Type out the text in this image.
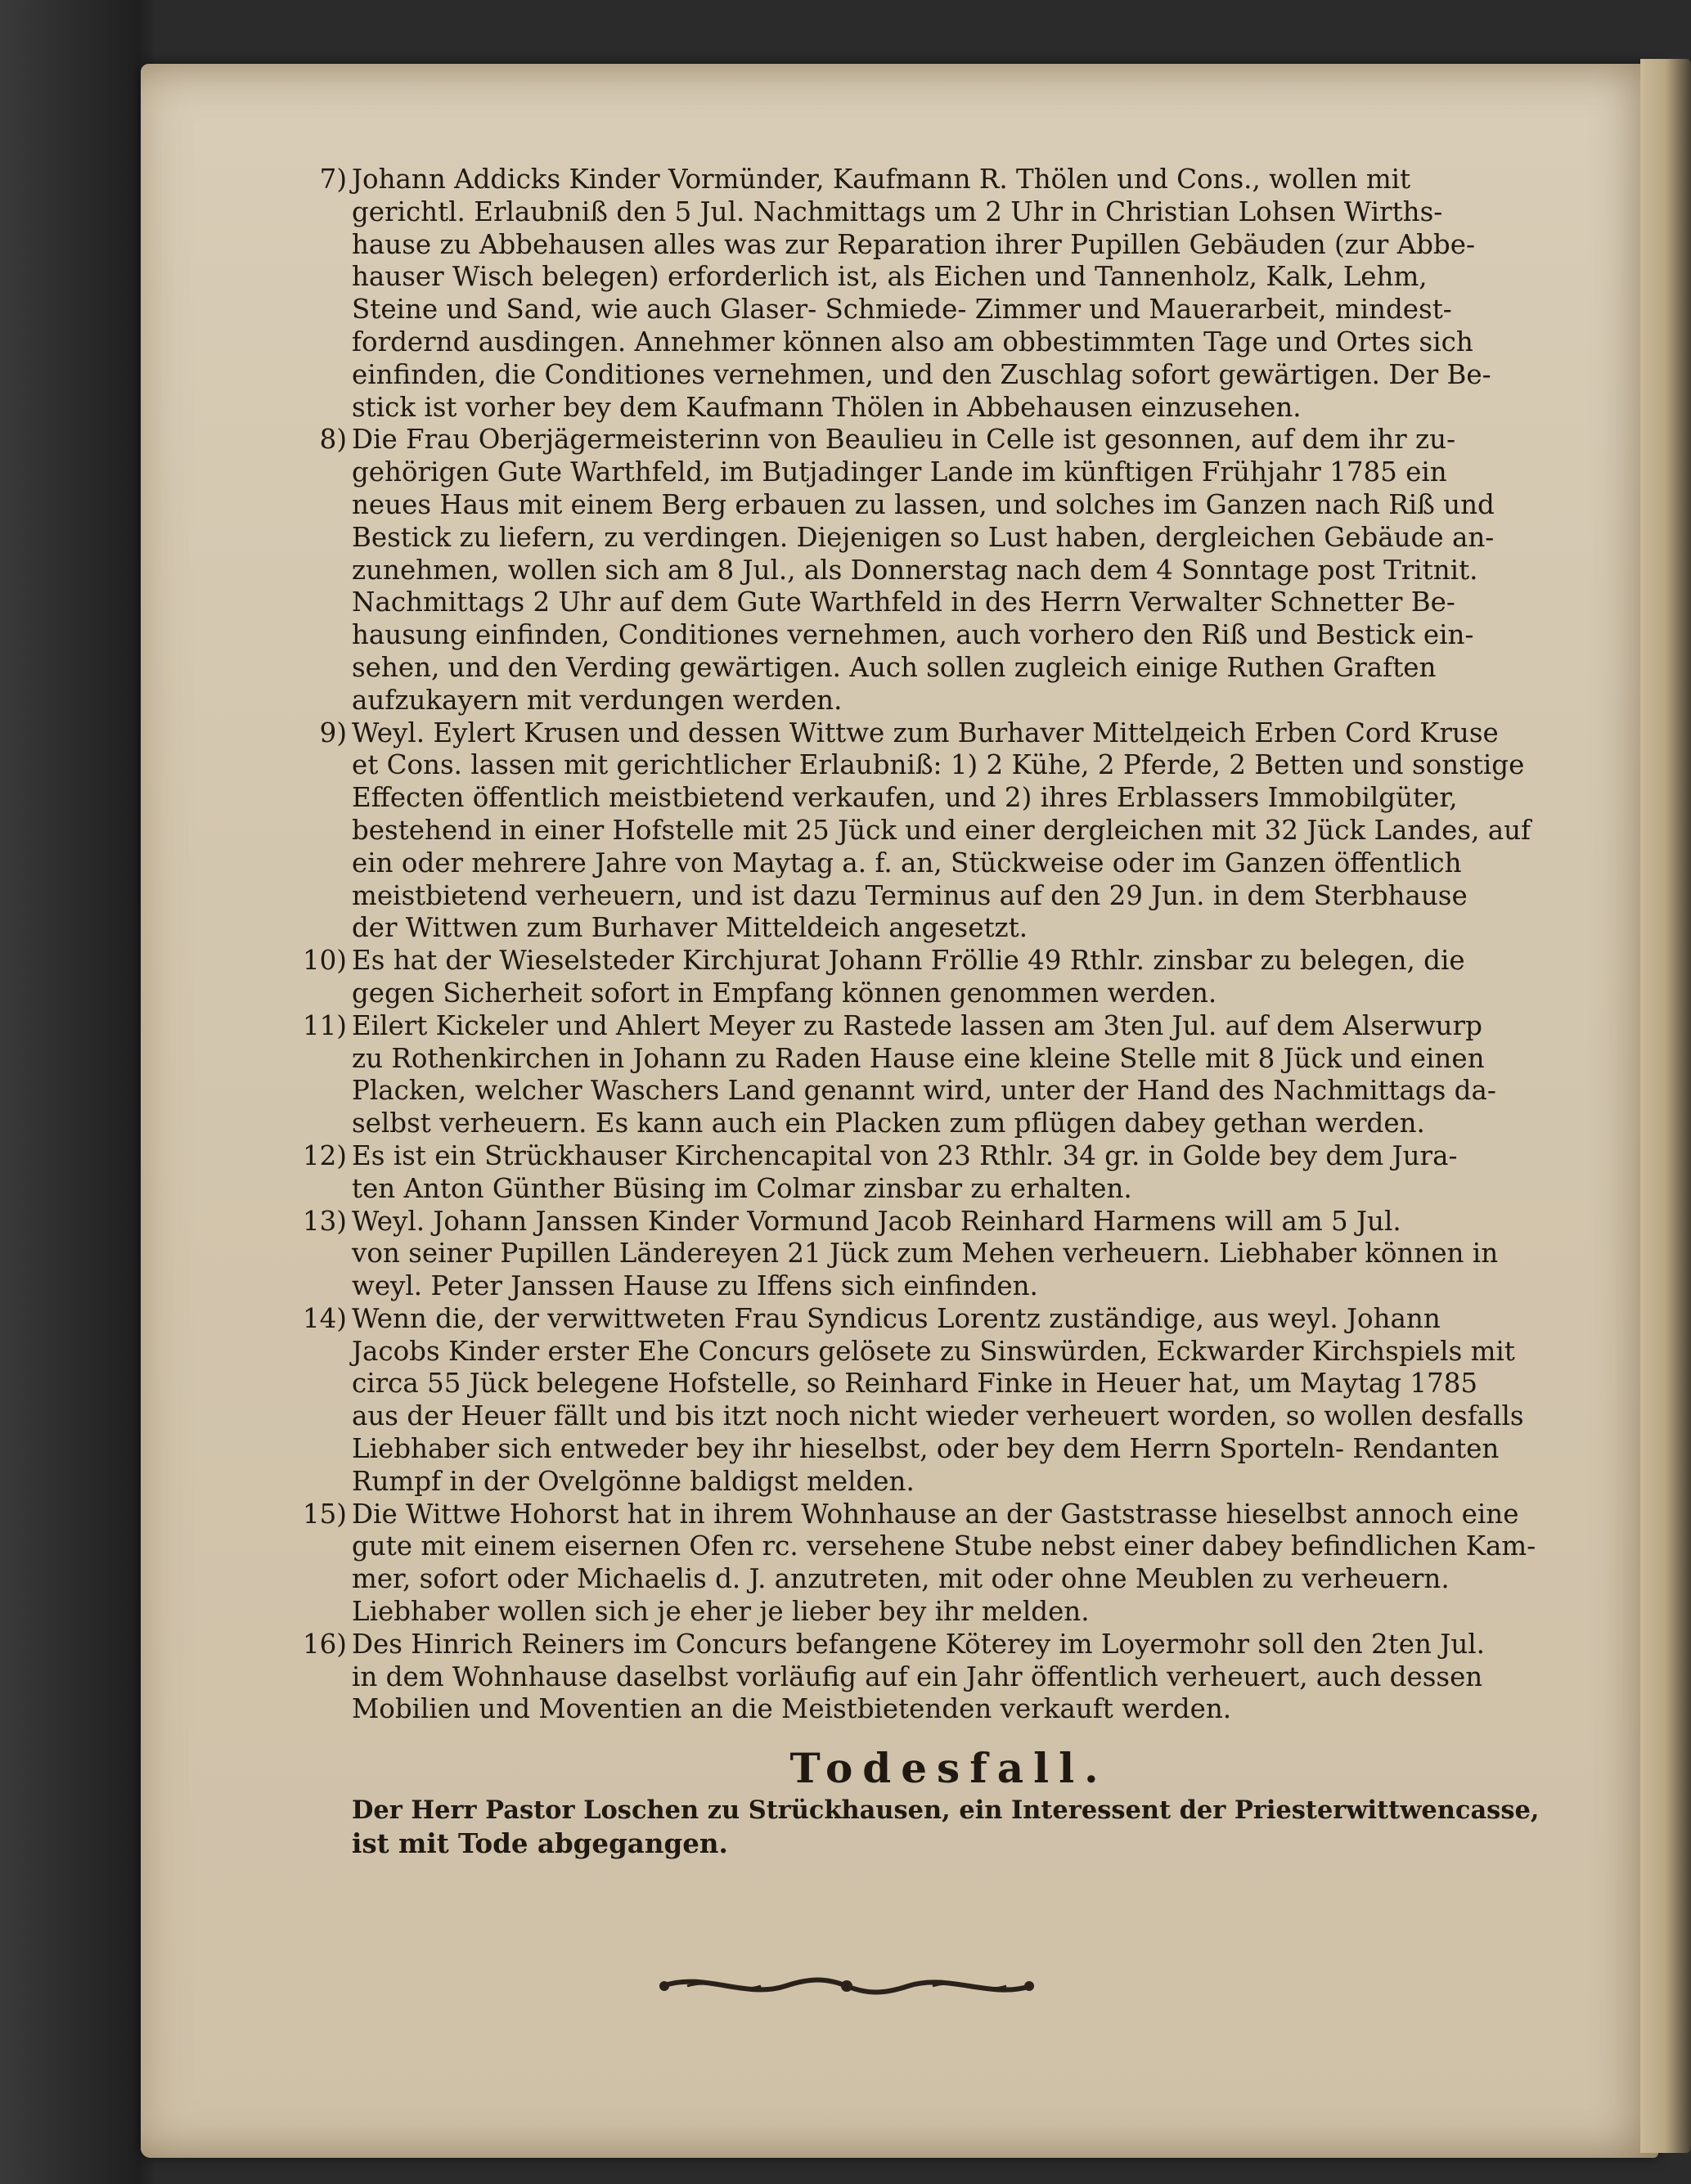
7) Johann Addicks Kinder Vormünder, Kaufmann R. Thölen und Cons., wollen mit
gerichtl. Erlaubniß den 5 Jul. Nachmittags um 2 Uhr in Christian Lohsen Wirths-
hause zu Abbehausen alles was zur Reparation ihrer Pupillen Gebäuden (zur Abbe-
hauser Wisch belegen) erforderlich ist, als Eichen und Tannenholz, Kalk, Lehm,
Steine und Sand, wie auch Glaser- Schmiede- Zimmer und Mauerarbeit, mindest-
fordernd ausdingen. Annehmer können also am obbestimmten Tage und Ortes sich
einfinden, die Conditiones vernehmen, und den Zuschlag sofort gewärtigen. Der Be-
stick ist vorher bey dem Kaufmann Thölen in Abbehausen einzusehen.
8) Die Frau Oberjägermeisterinn von Beaulieu in Celle ist gesonnen, auf dem ihr zu-
gehörigen Gute Warthfeld, im Butjadinger Lande im künftigen Frühjahr 1785 ein
neues Haus mit einem Berg erbauen zu lassen, und solches im Ganzen nach Riß und
Bestick zu liefern, zu verdingen. Diejenigen so Lust haben, dergleichen Gebäude an-
zunehmen, wollen sich am 8 Jul., als Donnerstag nach dem 4 Sonntage post Tritnit.
Nachmittags 2 Uhr auf dem Gute Warthfeld in des Herrn Verwalter Schnetter Be-
hausung einfinden, Conditiones vernehmen, auch vorhero den Riß und Bestick ein-
sehen, und den Verding gewärtigen. Auch sollen zugleich einige Ruthen Graften
aufzukayern mit verdungen werden.
9) Weyl. Eylert Krusen und dessen Wittwe zum Burhaver Mittelдeich Erben Cord Kruse
et Cons. lassen mit gerichtlicher Erlaubniß: 1) 2 Kühe, 2 Pferde, 2 Betten und sonstige
Effecten öffentlich meistbietend verkaufen, und 2) ihres Erblassers Immobilgüter,
bestehend in einer Hofstelle mit 25 Jück und einer dergleichen mit 32 Jück Landes, auf
ein oder mehrere Jahre von Maytag a. f. an, Stückweise oder im Ganzen öffentlich
meistbietend verheuern, und ist dazu Terminus auf den 29 Jun. in dem Sterbhause
der Wittwen zum Burhaver Mitteldeich angesetzt.
10) Es hat der Wieselsteder Kirchjurat Johann Fröllie 49 Rthlr. zinsbar zu belegen, die
gegen Sicherheit sofort in Empfang können genommen werden.
11) Eilert Kickeler und Ahlert Meyer zu Rastede lassen am 3ten Jul. auf dem Alserwurp
zu Rothenkirchen in Johann zu Raden Hause eine kleine Stelle mit 8 Jück und einen
Placken, welcher Waschers Land genannt wird, unter der Hand des Nachmittags da-
selbst verheuern. Es kann auch ein Placken zum pflügen dabey gethan werden.
12) Es ist ein Strückhauser Kirchencapital von 23 Rthlr. 34 gr. in Golde bey dem Jura-
ten Anton Günther Büsing im Colmar zinsbar zu erhalten.
13) Weyl. Johann Janssen Kinder Vormund Jacob Reinhard Harmens will am 5 Jul.
von seiner Pupillen Ländereyen 21 Jück zum Mehen verheuern. Liebhaber können in
weyl. Peter Janssen Hause zu Iffens sich einfinden.
14) Wenn die, der verwittweten Frau Syndicus Lorentz zuständige, aus weyl. Johann
Jacobs Kinder erster Ehe Concurs gelösete zu Sinswürden, Eckwarder Kirchspiels mit
circa 55 Jück belegene Hofstelle, so Reinhard Finke in Heuer hat, um Maytag 1785
aus der Heuer fällt und bis itzt noch nicht wieder verheuert worden, so wollen desfalls
Liebhaber sich entweder bey ihr hieselbst, oder bey dem Herrn Sporteln- Rendanten
Rumpf in der Ovelgönne baldigst melden.
15) Die Wittwe Hohorst hat in ihrem Wohnhause an der Gaststrasse hieselbst annoch eine
gute mit einem eisernen Ofen rc. versehene Stube nebst einer dabey befindlichen Kam-
mer, sofort oder Michaelis d. J. anzutreten, mit oder ohne Meublen zu verheuern.
Liebhaber wollen sich je eher je lieber bey ihr melden.
16) Des Hinrich Reiners im Concurs befangene Köterey im Loyermohr soll den 2ten Jul.
in dem Wohnhause daselbst vorläufig auf ein Jahr öffentlich verheuert, auch dessen
Mobilien und Moventien an die Meistbietenden verkauft werden.
Todesfall.
Der Herr Pastor Loschen zu Strückhausen, ein Interessent der Priesterwittwencasse,
ist mit Tode abgegangen.
